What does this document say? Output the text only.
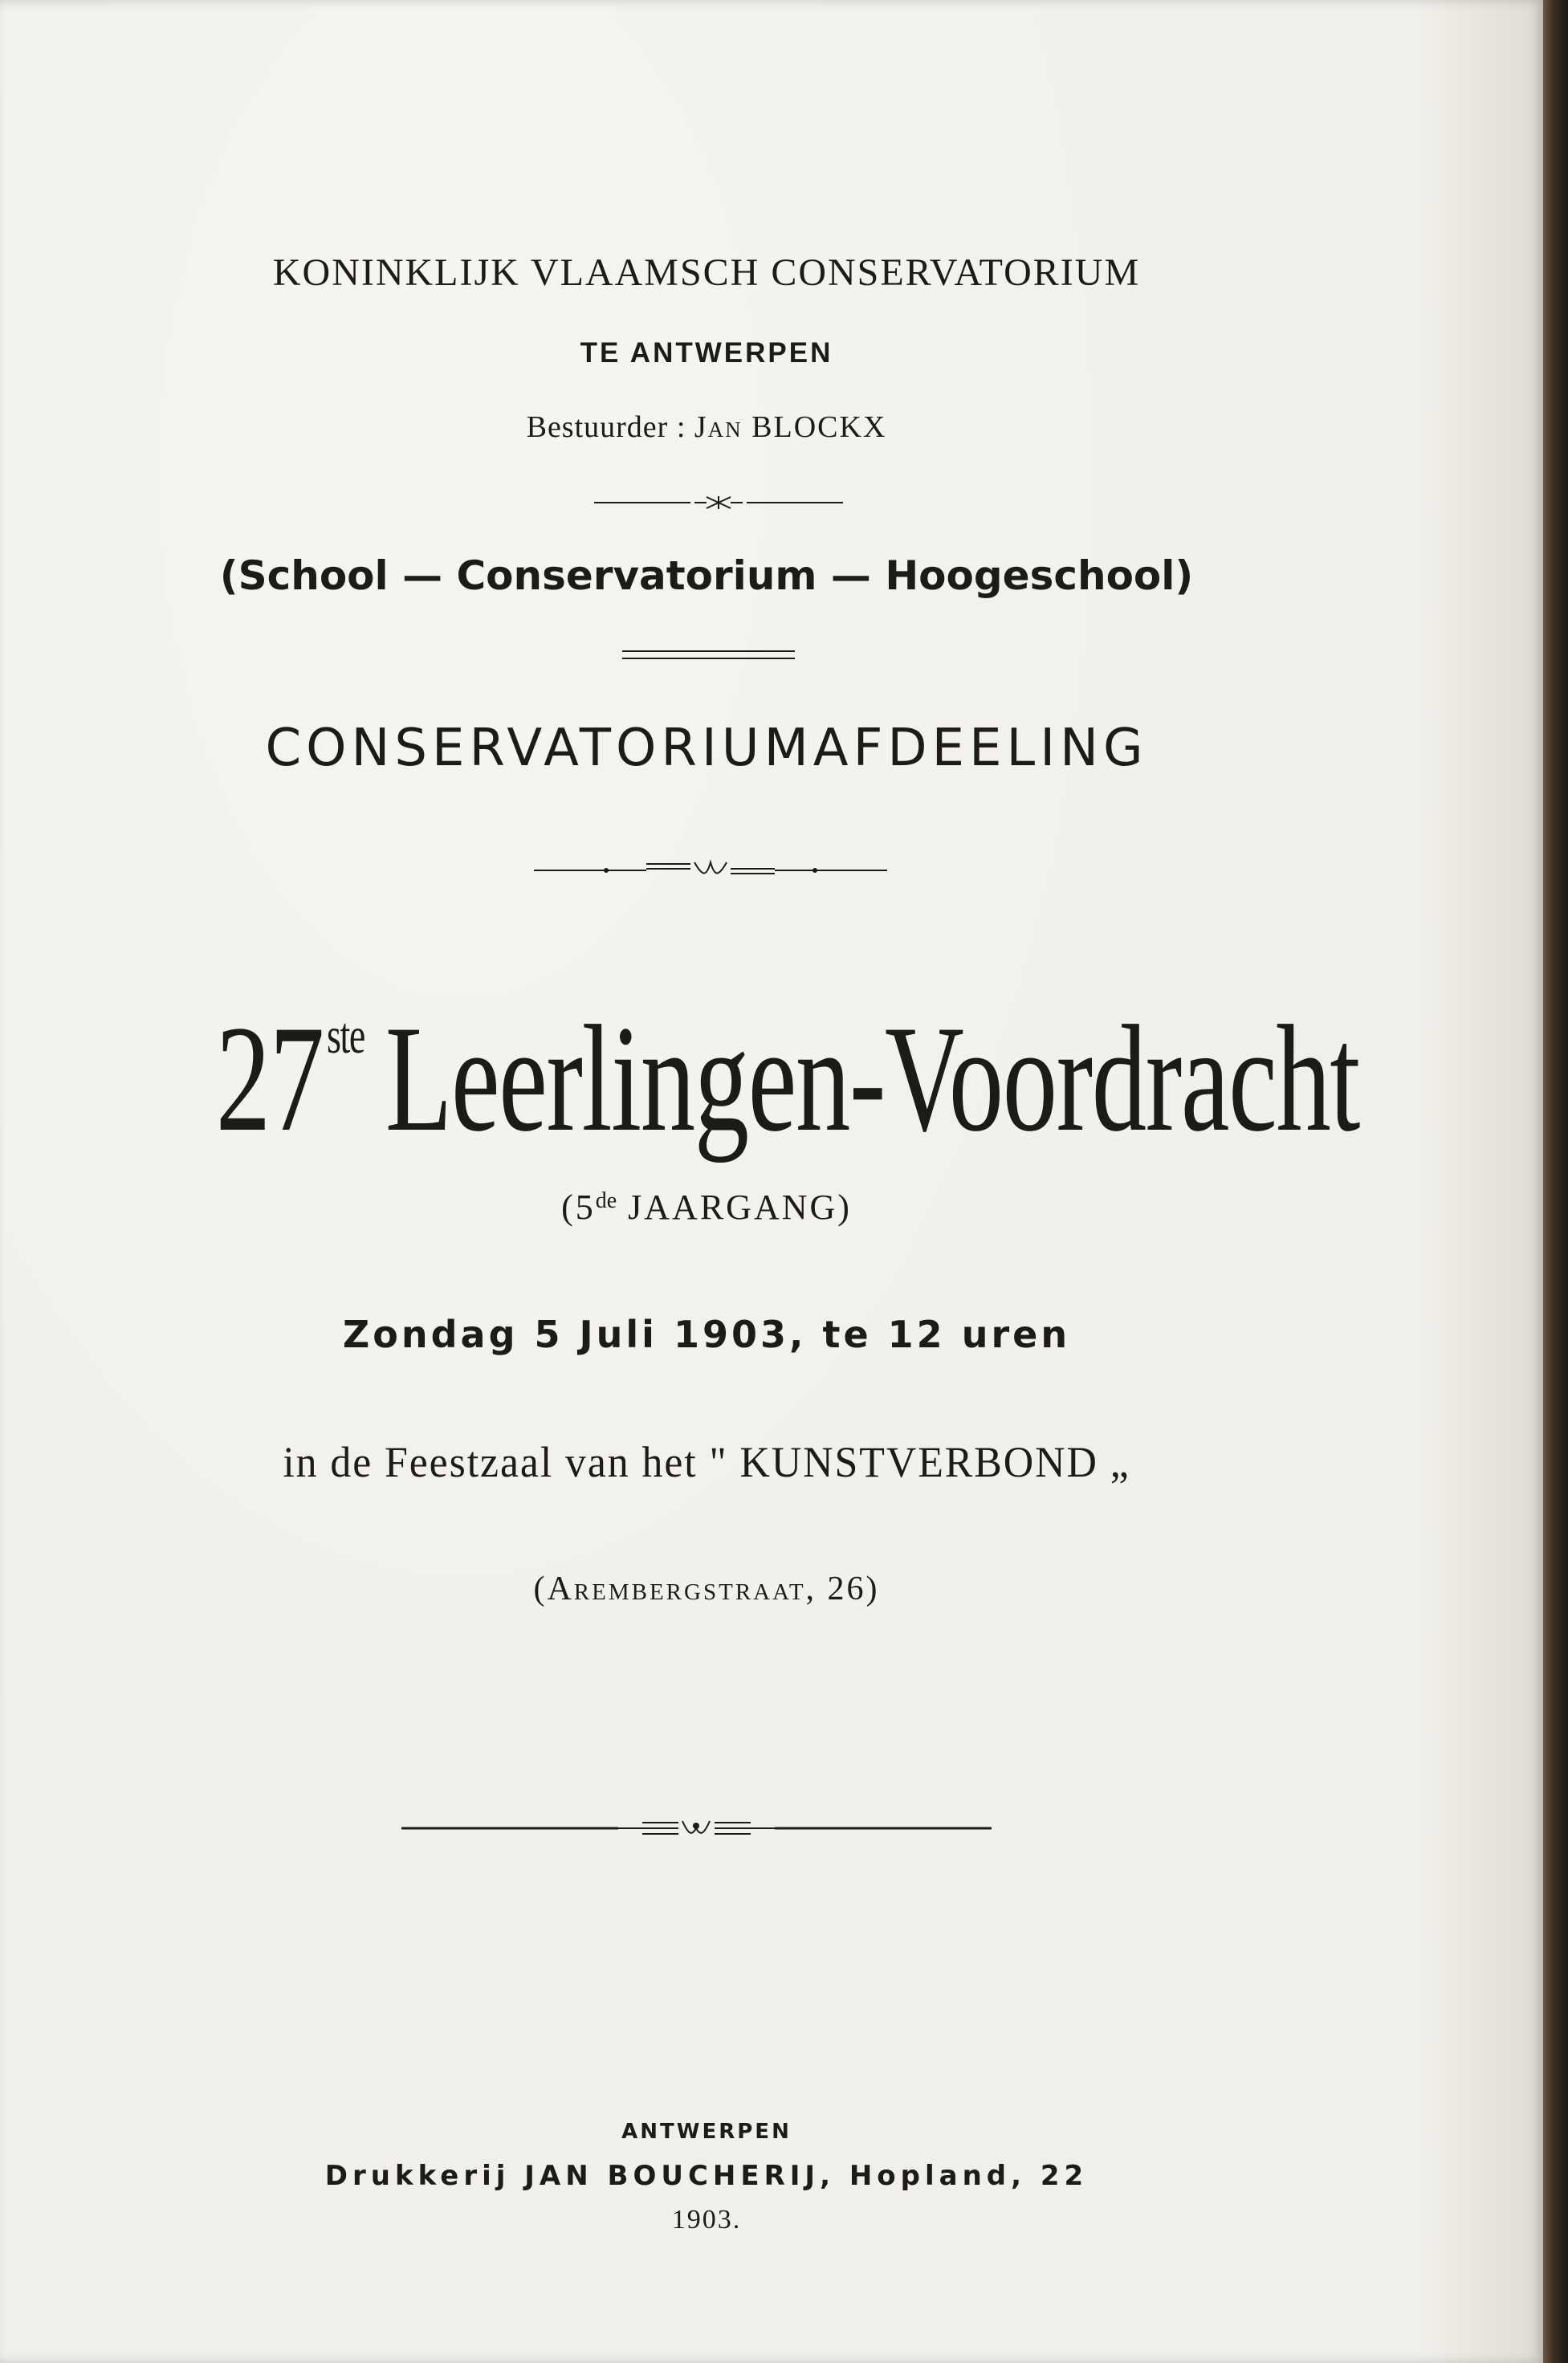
KONINKLIJK VLAAMSCH CONSERVATORIUM

TE ANTWERPEN

Bestuurder : Jan BLOCKX

(School — Conservatorium — Hoogeschool)

CONSERVATORIUMAFDEELING

27ste Leerlingen-Voordracht

(5de JAARGANG)

Zondag 5 Juli 1903, te 12 uren

in de Feestzaal van het " KUNSTVERBOND „

(Arembergstraat, 26)

ANTWERPEN

Drukkerij JAN BOUCHERIJ, Hopland, 22

1903.
